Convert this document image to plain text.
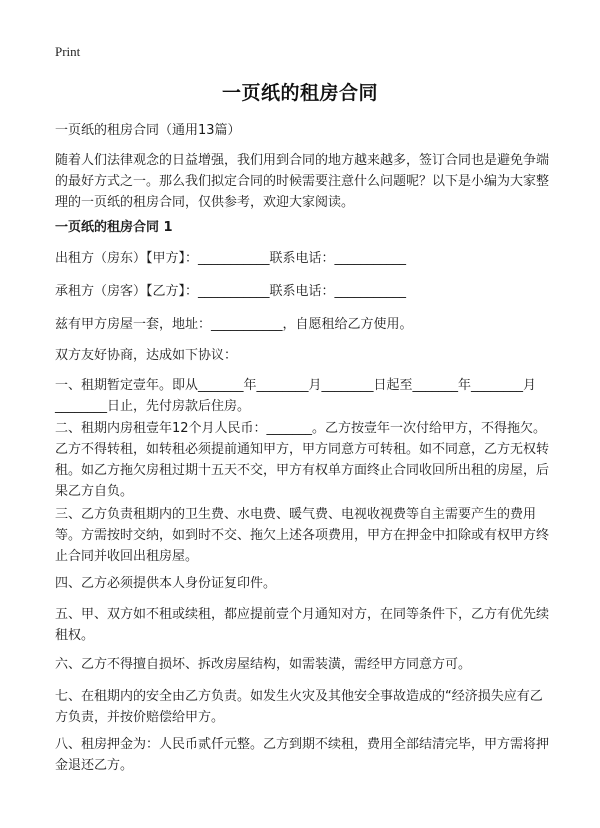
Print
一页纸的租房合同

一页纸的租房合同（通用13篇）

随着人们法律观念的日益增强，我们用到合同的地方越来越多，签订合同也是避免争端的最好方式之一。那么我们拟定合同的时候需要注意什么问题呢？以下是小编为大家整理的一页纸的租房合同，仅供参考，欢迎大家阅读。

一页纸的租房合同 1

出租方（房东）【甲方】：___________联系电话：___________

承租方（房客）【乙方】：___________联系电话：___________

兹有甲方房屋一套，地址：___________，自愿租给乙方使用。

双方友好协商，达成如下协议：

一、租期暂定壹年。即从_______年________月________日起至_______年________月________日止，先付房款后住房。

二、租期内房租壹年12个月人民币：_______。乙方按壹年一次付给甲方，不得拖欠。乙方不得转租，如转租必须提前通知甲方，甲方同意方可转租。如不同意，乙方无权转租。如乙方拖欠房租过期十五天不交，甲方有权单方面终止合同收回所出租的房屋，后果乙方自负。

三、乙方负责租期内的卫生费、水电费、暖气费、电视收视费等自主需要产生的费用等。方需按时交纳，如到时不交、拖欠上述各项费用，甲方在押金中扣除或有权甲方终止合同并收回出租房屋。

四、乙方必须提供本人身份证复印件。

五、甲、双方如不租或续租，都应提前壹个月通知对方，在同等条件下，乙方有优先续租权。

六、乙方不得擅自损坏、拆改房屋结构，如需装潢，需经甲方同意方可。

七、在租期内的安全由乙方负责。如发生火灾及其他安全事故造成的“经济损失应有乙方负责，并按价赔偿给甲方。

八、租房押金为：人民币贰仟元整。乙方到期不续租，费用全部结清完毕，甲方需将押金退还乙方。
